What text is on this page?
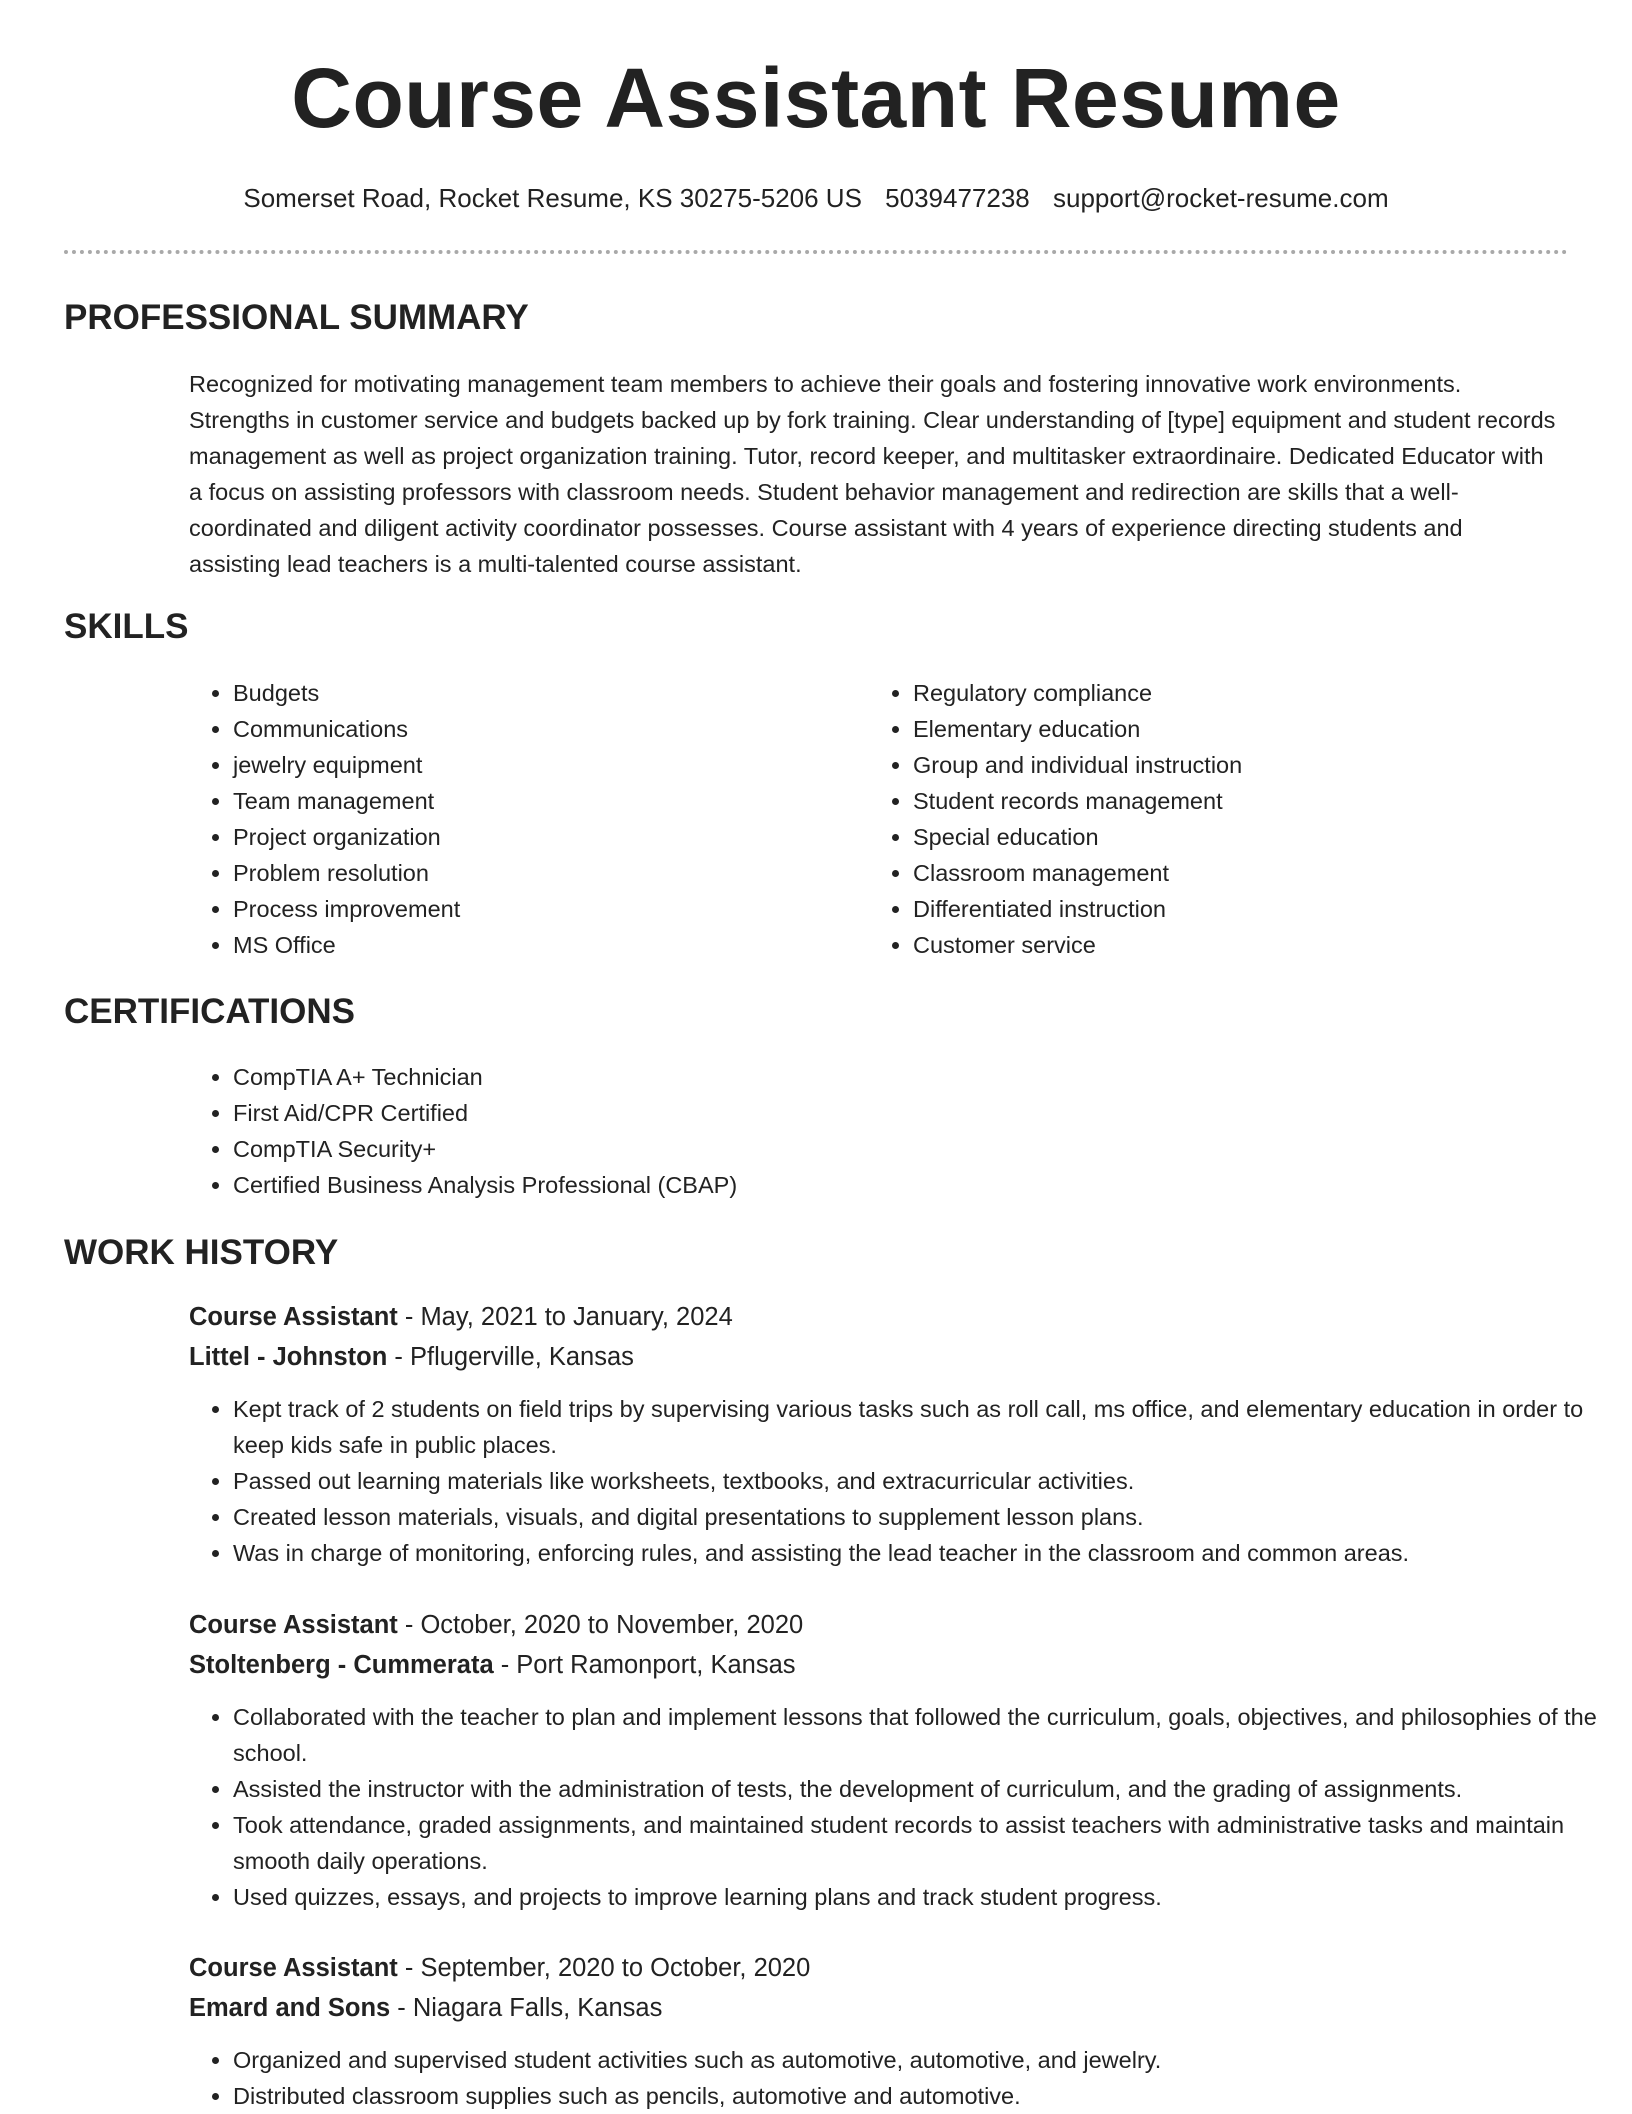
Course Assistant Resume
Somerset Road, Rocket Resume, KS 30275-5206 US 5039477238 support@rocket-resume.com
PROFESSIONAL SUMMARY

Recognized for motivating management team members to achieve their goals and fostering innovative work environments. Strengths in customer service and budgets backed up by fork training. Clear understanding of [type] equipment and student records management as well as project organization training. Tutor, record keeper, and multitasker extraordinaire. Dedicated Educator with a focus on assisting professors with classroom needs. Student behavior management and redirection are skills that a well-coordinated and diligent activity coordinator possesses. Course assistant with 4 years of experience directing students and assisting lead teachers is a multi-talented course assistant.

SKILLS
• Budgets
• Communications
• jewelry equipment
• Team management
• Project organization
• Problem resolution
• Process improvement
• MS Office
• Regulatory compliance
• Elementary education
• Group and individual instruction
• Student records management
• Special education
• Classroom management
• Differentiated instruction
• Customer service
CERTIFICATIONS
• CompTIA A+ Technician
• First Aid/CPR Certified
• CompTIA Security+
• Certified Business Analysis Professional (CBAP)
WORK HISTORY
Course Assistant - May, 2021 to January, 2024
Littel - Johnston - Pflugerville, Kansas
• Kept track of 2 students on field trips by supervising various tasks such as roll call, ms office, and elementary education in order to keep kids safe in public places.
• Passed out learning materials like worksheets, textbooks, and extracurricular activities.
• Created lesson materials, visuals, and digital presentations to supplement lesson plans.
• Was in charge of monitoring, enforcing rules, and assisting the lead teacher in the classroom and common areas.
Course Assistant - October, 2020 to November, 2020
Stoltenberg - Cummerata - Port Ramonport, Kansas
• Collaborated with the teacher to plan and implement lessons that followed the curriculum, goals, objectives, and philosophies of the school.
• Assisted the instructor with the administration of tests, the development of curriculum, and the grading of assignments.
• Took attendance, graded assignments, and maintained student records to assist teachers with administrative tasks and maintain smooth daily operations.
• Used quizzes, essays, and projects to improve learning plans and track student progress.
Course Assistant - September, 2020 to October, 2020
Emard and Sons - Niagara Falls, Kansas
• Organized and supervised student activities such as automotive, automotive, and jewelry.
• Distributed classroom supplies such as pencils, automotive and automotive.
